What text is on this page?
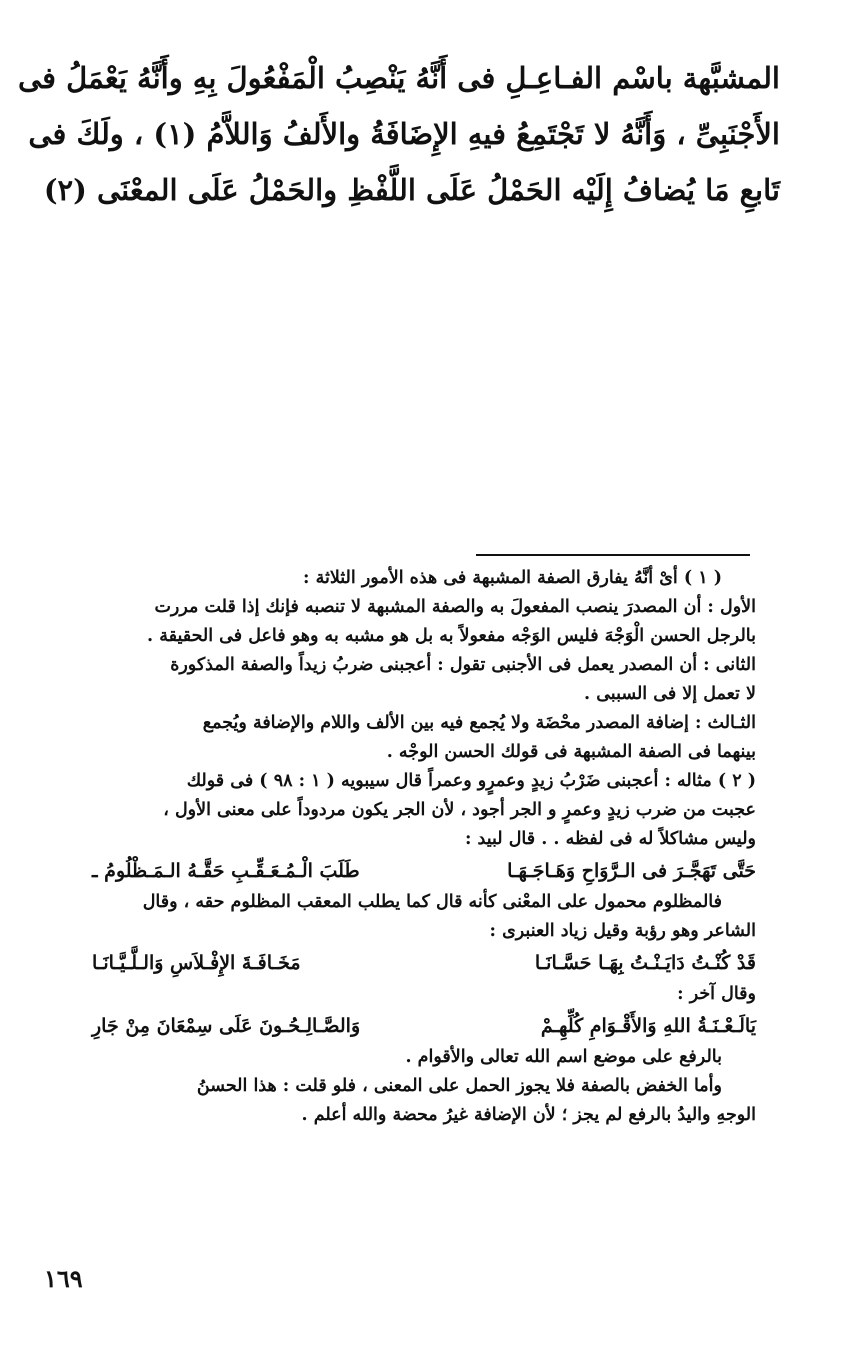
المشبَّهة باسْم الفـاعِـلِ فى أَنَّهُ يَنْصِبُ الْمَفْعُولَ بِهِ وأَنَّهُ يَعْمَلُ فى
الأَجْنَبِىِّ ، وَأَنَّهُ لا تَجْتَمِعُ فيهِ الإِضَافَةُ والأَلفُ وَاللاَّمُ (١) ، ولَكَ فى
تَابعِ مَا يُضافُ إِلَيْه الحَمْلُ عَلَى اللَّفْظِ والحَمْلُ عَلَى المعْنَى (٢)
( ١ ) أىْ أنَّهُ يفارق الصفة المشبهة فى هذه الأمور الثلاثة :
الأول : أن المصدرَ ينصب المفعولَ به والصفة المشبهة لا تنصبه فإنك إذا قلت مررت
بالرجل الحسن الْوَجْهَ فليس الوَجْه مفعولاً به بل هو مشبه به وهو فاعل فى الحقيقة .
الثانى : أن المصدر يعمل فى الأجنبى تقول : أعجبنى ضربُ زيداً والصفة المذكورة
لا تعمل إلا فى السببى .
الثـالث : إضافة المصدر محْضَة ولا يُجمع فيه بين الألف واللام والإضافة ويُجمع
بينهما فى الصفة المشبهة فى قولك الحسن الوجْه .
( ٢ ) مثاله : أعجبنى ضَرْبُ زيدٍ وعمرٍو وعمراً قال سيبويه ( ١ : ٩٨ ) فى قولك
عجبت من ضرب زيدٍ وعمرٍ و الجر أجود ، لأن الجر يكون مردوداً على معنى الأول ،
وليس مشاكلاً له فى لفظه . . قال لبيد :
حَتَّى تَهَجَّـرَ فى الـرَّوَاحِ وَهَـاجَـهَـا
طَلَبَ الْـمُـعَـقِّـبِ حَقَّـهُ الـمَـظْلُومُ ـ
فالمظلوم محمول على المعْنى كأنه قال كما يطلب المعقب المظلوم حقه ، وقال
الشاعر وهو رؤبة وقيل زياد العنبرى :
قَدْ كُنْـتُ دَايَـنْـتُ بِهَـا حَسَّـانَـا
مَخَـافَـةَ الإِفْـلاَسِ وَالـلَّـيَّـانَـا
وقال آخر :
يَالَـعْـنَـةُ اللهِ وَالأَقْـوَامِ كُلِّهِـمْ
وَالصَّـالِـحُـونَ عَلَى سِمْعَانَ مِنْ جَارِ
بالرفع على موضع اسم الله تعالى والأقوام .
وأما الخفض بالصفة فلا يجوز الحمل على المعنى ، فلو قلت : هذا الحسنُ
الوجهِ واليدُ بالرفع لم يجز ؛ لأن الإضافة غيرُ محضة والله أعلم .
١٦٩
